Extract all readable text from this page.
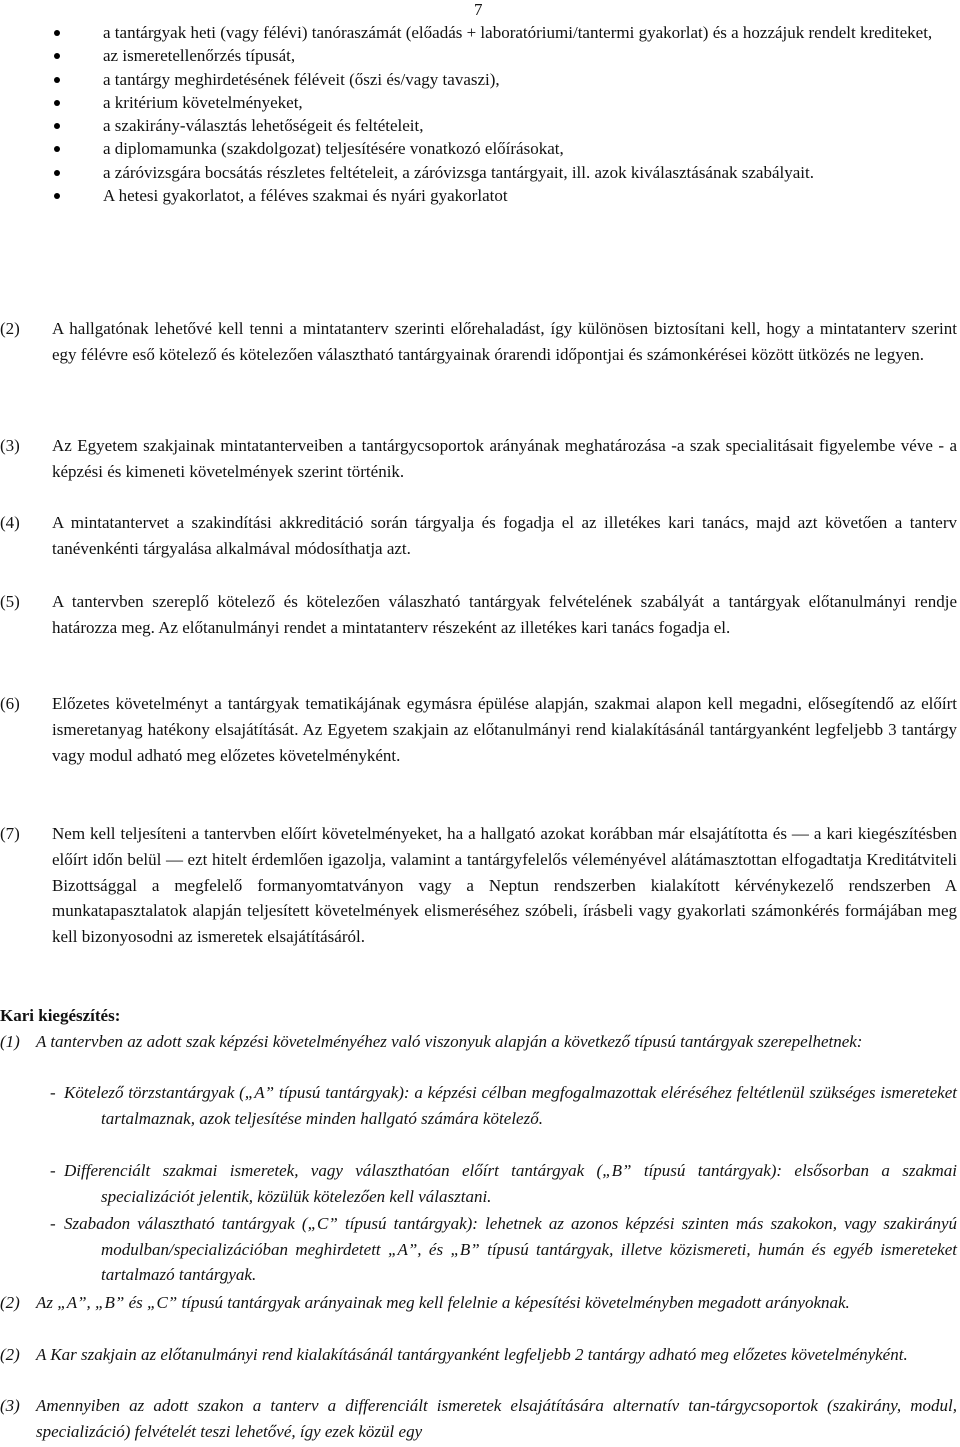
7
a tantárgyak heti (vagy félévi) tanóraszámát (előadás + laboratóriumi/tantermi gyakorlat) és a hozzájuk rendelt krediteket,
az ismeretellenőrzés típusát,
a tantárgy meghirdetésének féléveit (őszi és/vagy tavaszi),
a kritérium követelményeket,
a szakirány-választás lehetőségeit és feltételeit,
a diplomamunka (szakdolgozat) teljesítésére vonatkozó előírásokat,
a záróvizsgára bocsátás részletes feltételeit, a záróvizsga tantárgyait, ill. azok kiválasztásának szabályait.
A hetesi gyakorlatot, a féléves szakmai és nyári gyakorlatot
(2) A hallgatónak lehetővé kell tenni a mintatanterv szerinti előrehaladást, így különösen biztosítani kell, hogy a mintatanterv szerint egy félévre eső kötelező és kötelezően választható tantárgyainak órarendi időpontjai és számonkérései között ütközés ne legyen.
(3) Az Egyetem szakjainak mintatanterveiben a tantárgycsoportok arányának meghatározása -a szak specialitásait figyelembe véve - a képzési és kimeneti követelmények szerint történik.
(4) A mintatantervet a szakindítási akkreditáció során tárgyalja és fogadja el az illetékes kari tanács, majd azt követően a tanterv tanévenkénti tárgyalása alkalmával módosíthatja azt.
(5) A tantervben szereplő kötelező és kötelezően válaszható tantárgyak felvételének szabályát a tantárgyak előtanulmányi rendje határozza meg. Az előtanulmányi rendet a mintatanterv részeként az illetékes kari tanács fogadja el.
(6) Előzetes követelményt a tantárgyak tematikájának egymásra épülése alapján, szakmai alapon kell megadni, elősegítendő az előírt ismeretanyag hatékony elsajátítását. Az Egyetem szakjain az előtanulmányi rend kialakításánál tantárgyanként legfeljebb 3 tantárgy vagy modul adható meg előzetes követelményként.
(7) Nem kell teljesíteni a tantervben előírt követelményeket, ha a hallgató azokat korábban már elsajátította és — a kari kiegészítésben előírt időn belül — ezt hitelt érdemlően igazolja, valamint a tantárgyfelelős véleményével alátámasztottan elfogadtatja Kreditátviteli Bizottsággal a megfelelő formanyomtatványon vagy a Neptun rendszerben kialakított kérvénykezelő rendszerben A munkatapasztalatok alapján teljesített követelmények elismeréséhez szóbeli, írásbeli vagy gyakorlati számonkérés formájában meg kell bizonyosodni az ismeretek elsajátításáról.
Kari kiegészítés:
(1) A tantervben az adott szak képzési követelményéhez való viszonyuk alapján a következő típusú tantárgyak szerepelhetnek:
- Kötelező törzstantárgyak („A” típusú tantárgyak): a képzési célban megfogalmazottak eléréséhez feltétlenül szükséges ismereteket tartalmaznak, azok teljesítése minden hallgató számára kötelező.
- Differenciált szakmai ismeretek, vagy választhatóan előírt tantárgyak („B” típusú tantárgyak): elsősorban a szakmai specializációt jelentik, közülük kötelezően kell választani.
- Szabadon választható tantárgyak („C” típusú tantárgyak): lehetnek az azonos képzési szinten más szakokon, vagy szakirányú modulban/specializációban meghirdetett „A”, és „B” típusú tantárgyak, illetve közismereti, humán és egyéb ismereteket tartalmazó tantárgyak.
(2) Az „A”, „B” és „C” típusú tantárgyak arányainak meg kell felelnie a képesítési követelményben megadott arányoknak.
(2) A Kar szakjain az előtanulmányi rend kialakításánál tantárgyanként legfeljebb 2 tantárgy adható meg előzetes követelményként.
(3) Amennyiben az adott szakon a tanterv a differenciált ismeretek elsajátítására alternatív tan-tárgycsoportok (szakirány, modul, specializáció) felvételét teszi lehetővé, így ezek közül egy
